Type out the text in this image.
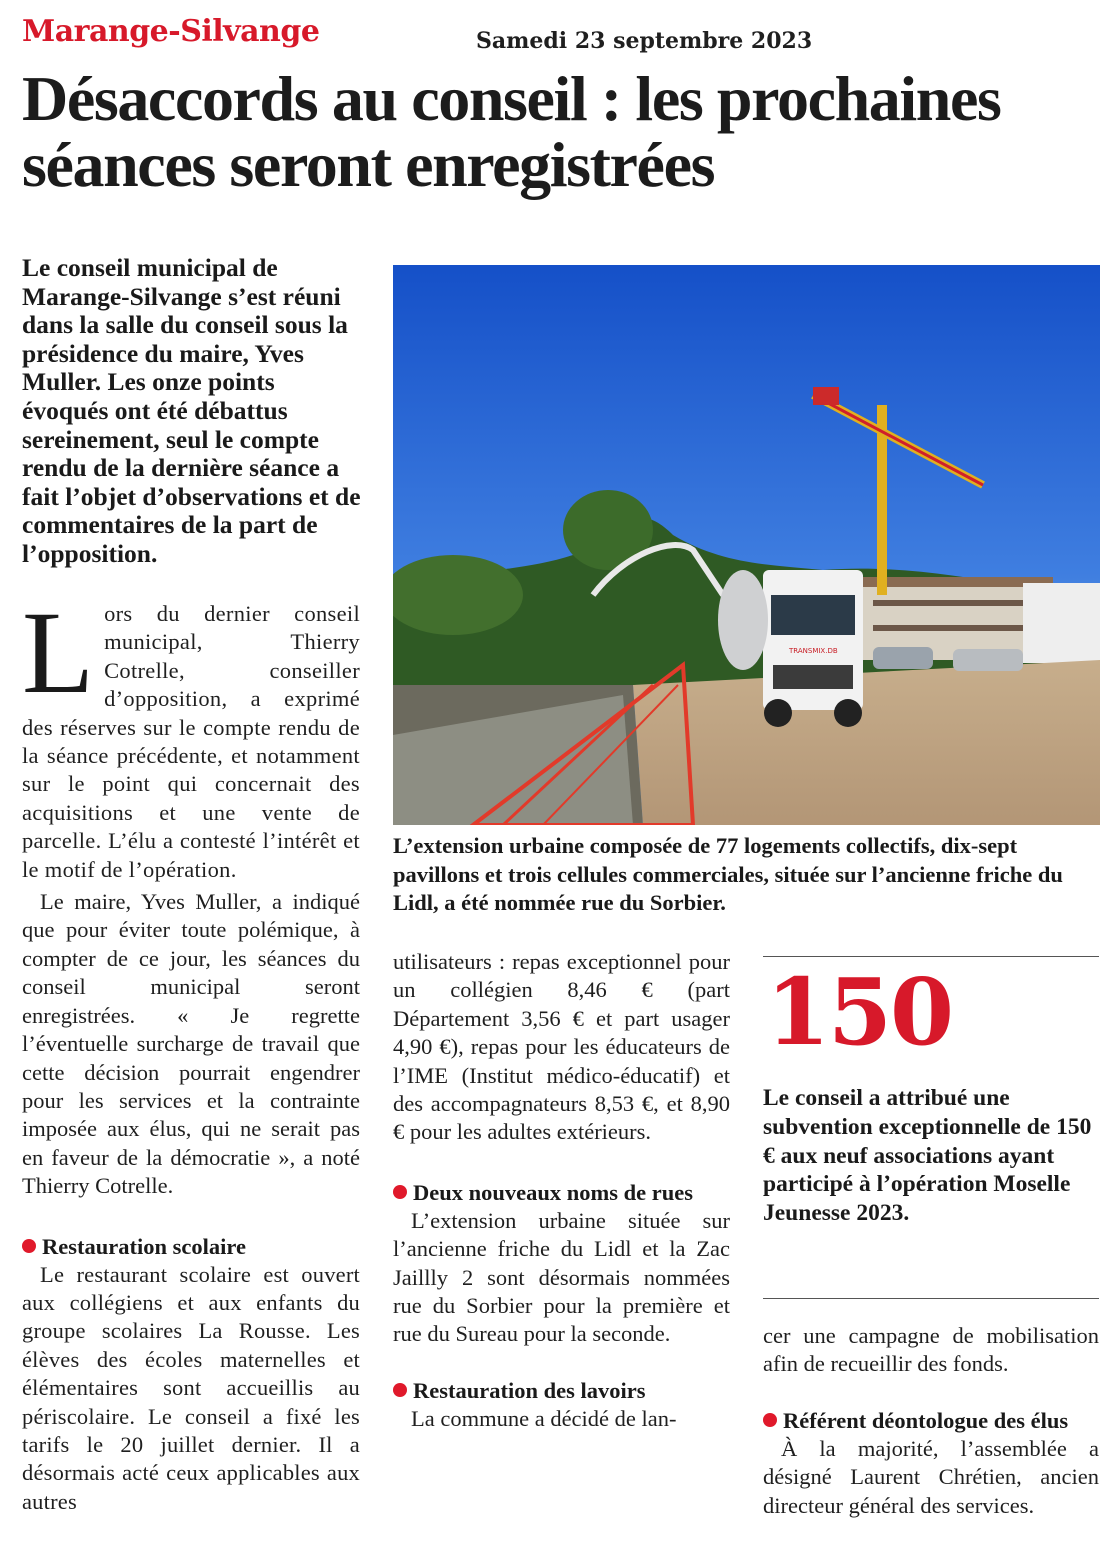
Marange-Silvange	Samedi 23 septembre 2023
Désaccords au conseil : les prochaines séances seront enregistrées

Le conseil municipal de Marange-Silvange s’est réuni dans la salle du conseil sous la présidence du maire, Yves Muller. Les onze points évoqués ont été débattus sereinement, seul le compte rendu de la dernière séance a fait l’objet d’observations et de commentaires de la part de l’opposition.

L ors du dernier conseil municipal, Thierry Cotrelle, conseiller d’opposition, a exprimé des réserves sur le compte rendu de la séance précédente, et notamment sur le point qui concernait des acquisitions et une vente de parcelle. L’élu a contesté l’intérêt et le motif de l’opération.

Le maire, Yves Muller, a indiqué que pour éviter toute polémique, à compter de ce jour, les séances du conseil municipal seront enregistrées. « Je regrette l’éventuelle surcharge de travail que cette décision pourrait engendrer pour les services et la contrainte imposée aux élus, qui ne serait pas en faveur de la démocratie », a noté Thierry Cotrelle.

Restauration scolaire

Le restaurant scolaire est ouvert aux collégiens et aux enfants du groupe scolaires La Rousse. Les élèves des écoles maternelles et élémentaires sont accueillis au périscolaire. Le conseil a fixé les tarifs le 20 juillet dernier. Il a désormais acté ceux applicables aux autres

TRANSMIX.DB

L’extension urbaine composée de 77 logements collectifs, dix-sept pavillons et trois cellules commerciales, située sur l’ancienne friche du Lidl, a été nommée rue du Sorbier.

utilisateurs : repas exceptionnel pour un collégien 8,46 € (part Département 3,56 € et part usager 4,90 €), repas pour les éducateurs de l’IME (Institut médico-éducatif) et des accompagnateurs 8,53 €, et 8,90 € pour les adultes extérieurs.

Deux nouveaux noms de rues

L’extension urbaine située sur l’ancienne friche du Lidl et la Zac Jaillly 2 sont désormais nommées rue du Sorbier pour la première et rue du Sureau pour la seconde.

Restauration des lavoirs

La commune a décidé de lan-

150

Le conseil a attribué une subvention exceptionnelle de 150 € aux neuf associations ayant participé à l’opération Moselle Jeunesse 2023.

cer une campagne de mobilisation afin de recueillir des fonds.

Référent déontologue des élus

À la majorité, l’assemblée a désigné Laurent Chrétien, ancien directeur général des services.
